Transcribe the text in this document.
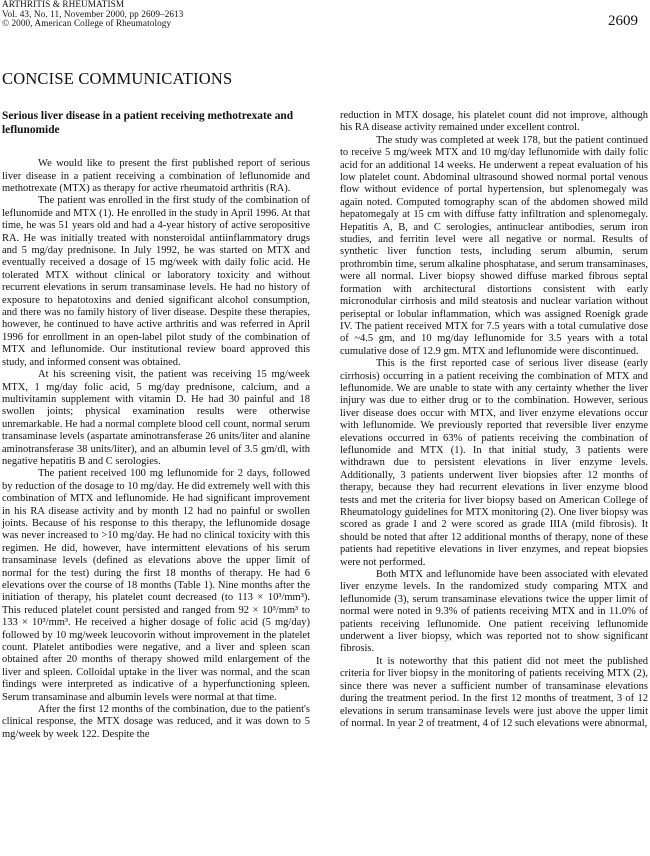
ARTHRITIS & RHEUMATISM
Vol. 43, No. 11, November 2000, pp 2609–2613
© 2000, American College of Rheumatology	2609
CONCISE COMMUNICATIONS
Serious liver disease in a patient receiving methotrexate and leflunomide

We would like to present the first published report of serious liver disease in a patient receiving a combination of leflunomide and methotrexate (MTX) as therapy for active rheumatoid arthritis (RA).

The patient was enrolled in the first study of the combination of leflunomide and MTX (1). He enrolled in the study in April 1996. At that time, he was 51 years old and had a 4-year history of active seropositive RA. He was initially treated with nonsteroidal antiinflammatory drugs and 5 mg/day prednisone. In July 1992, he was started on MTX and eventually received a dosage of 15 mg/week with daily folic acid. He tolerated MTX without clinical or laboratory toxicity and without recurrent elevations in serum transaminase levels. He had no history of exposure to hepatotoxins and denied significant alcohol consumption, and there was no family history of liver disease. Despite these therapies, however, he continued to have active arthritis and was referred in April 1996 for enrollment in an open-label pilot study of the combination of MTX and leflunomide. Our institutional review board approved this study, and informed consent was obtained.

At his screening visit, the patient was receiving 15 mg/week MTX, 1 mg/day folic acid, 5 mg/day prednisone, calcium, and a multivitamin supplement with vitamin D. He had 30 painful and 18 swollen joints; physical examination results were otherwise unremarkable. He had a normal complete blood cell count, normal serum transaminase levels (aspartate aminotransferase 26 units/liter and alanine aminotransferase 38 units/liter), and an albumin level of 3.5 gm/dl, with negative hepatitis B and C serologies.

The patient received 100 mg leflunomide for 2 days, followed by reduction of the dosage to 10 mg/day. He did extremely well with this combination of MTX and leflunomide. He had significant improvement in his RA disease activity and by month 12 had no painful or swollen joints. Because of his response to this therapy, the leflunomide dosage was never increased to >10 mg/day. He had no clinical toxicity with this regimen. He did, however, have intermittent elevations of his serum transaminase levels (defined as elevations above the upper limit of normal for the test) during the first 18 months of therapy. He had 6 elevations over the course of 18 months (Table 1). Nine months after the initiation of therapy, his platelet count decreased (to 113 × 10³/mm³). This reduced platelet count persisted and ranged from 92 × 10³/mm³ to 133 × 10³/mm³. He received a higher dosage of folic acid (5 mg/day) followed by 10 mg/week leucovorin without improvement in the platelet count. Platelet antibodies were negative, and a liver and spleen scan obtained after 20 months of therapy showed mild enlargement of the liver and spleen. Colloidal uptake in the liver was normal, and the scan findings were interpreted as indicative of a hyperfunctioning spleen. Serum transaminase and albumin levels were normal at that time.

After the first 12 months of the combination, due to the patient's clinical response, the MTX dosage was reduced, and it was down to 5 mg/week by week 122. Despite the

reduction in MTX dosage, his platelet count did not improve, although his RA disease activity remained under excellent control.

The study was completed at week 178, but the patient continued to receive 5 mg/week MTX and 10 mg/day leflunomide with daily folic acid for an additional 14 weeks. He underwent a repeat evaluation of his low platelet count. Abdominal ultrasound showed normal portal venous flow without evidence of portal hypertension, but splenomegaly was again noted. Computed tomography scan of the abdomen showed mild hepatomegaly at 15 cm with diffuse fatty infiltration and splenomegaly. Hepatitis A, B, and C serologies, antinuclear antibodies, serum iron studies, and ferritin level were all negative or normal. Results of synthetic liver function tests, including serum albumin, serum prothrombin time, serum alkaline phosphatase, and serum transaminases, were all normal. Liver biopsy showed diffuse marked fibrous septal formation with architectural distortions consistent with early micronodular cirrhosis and mild steatosis and nuclear variation without periseptal or lobular inflammation, which was assigned Roenigk grade IV. The patient received MTX for 7.5 years with a total cumulative dose of ~4.5 gm, and 10 mg/day leflunomide for 3.5 years with a total cumulative dose of 12.9 gm. MTX and leflunomide were discontinued.

This is the first reported case of serious liver disease (early cirrhosis) occurring in a patient receiving the combination of MTX and leflunomide. We are unable to state with any certainty whether the liver injury was due to either drug or to the combination. However, serious liver disease does occur with MTX, and liver enzyme elevations occur with leflunomide. We previously reported that reversible liver enzyme elevations occurred in 63% of patients receiving the combination of leflunomide and MTX (1). In that initial study, 3 patients were withdrawn due to persistent elevations in liver enzyme levels. Additionally, 3 patients underwent liver biopsies after 12 months of therapy, because they had recurrent elevations in liver enzyme blood tests and met the criteria for liver biopsy based on American College of Rheumatology guidelines for MTX monitoring (2). One liver biopsy was scored as grade I and 2 were scored as grade IIIA (mild fibrosis). It should be noted that after 12 additional months of therapy, none of these patients had repetitive elevations in liver enzymes, and repeat biopsies were not performed.

Both MTX and leflunomide have been associated with elevated liver enzyme levels. In the randomized study comparing MTX and leflunomide (3), serum transaminase elevations twice the upper limit of normal were noted in 9.3% of patients receiving MTX and in 11.0% of patients receiving leflunomide. One patient receiving leflunomide underwent a liver biopsy, which was reported not to show significant fibrosis.

It is noteworthy that this patient did not meet the published criteria for liver biopsy in the monitoring of patients receiving MTX (2), since there was never a sufficient number of transaminase elevations during the treatment period. In the first 12 months of treatment, 3 of 12 elevations in serum transaminase levels were just above the upper limit of normal. In year 2 of treatment, 4 of 12 such elevations were abnormal,
